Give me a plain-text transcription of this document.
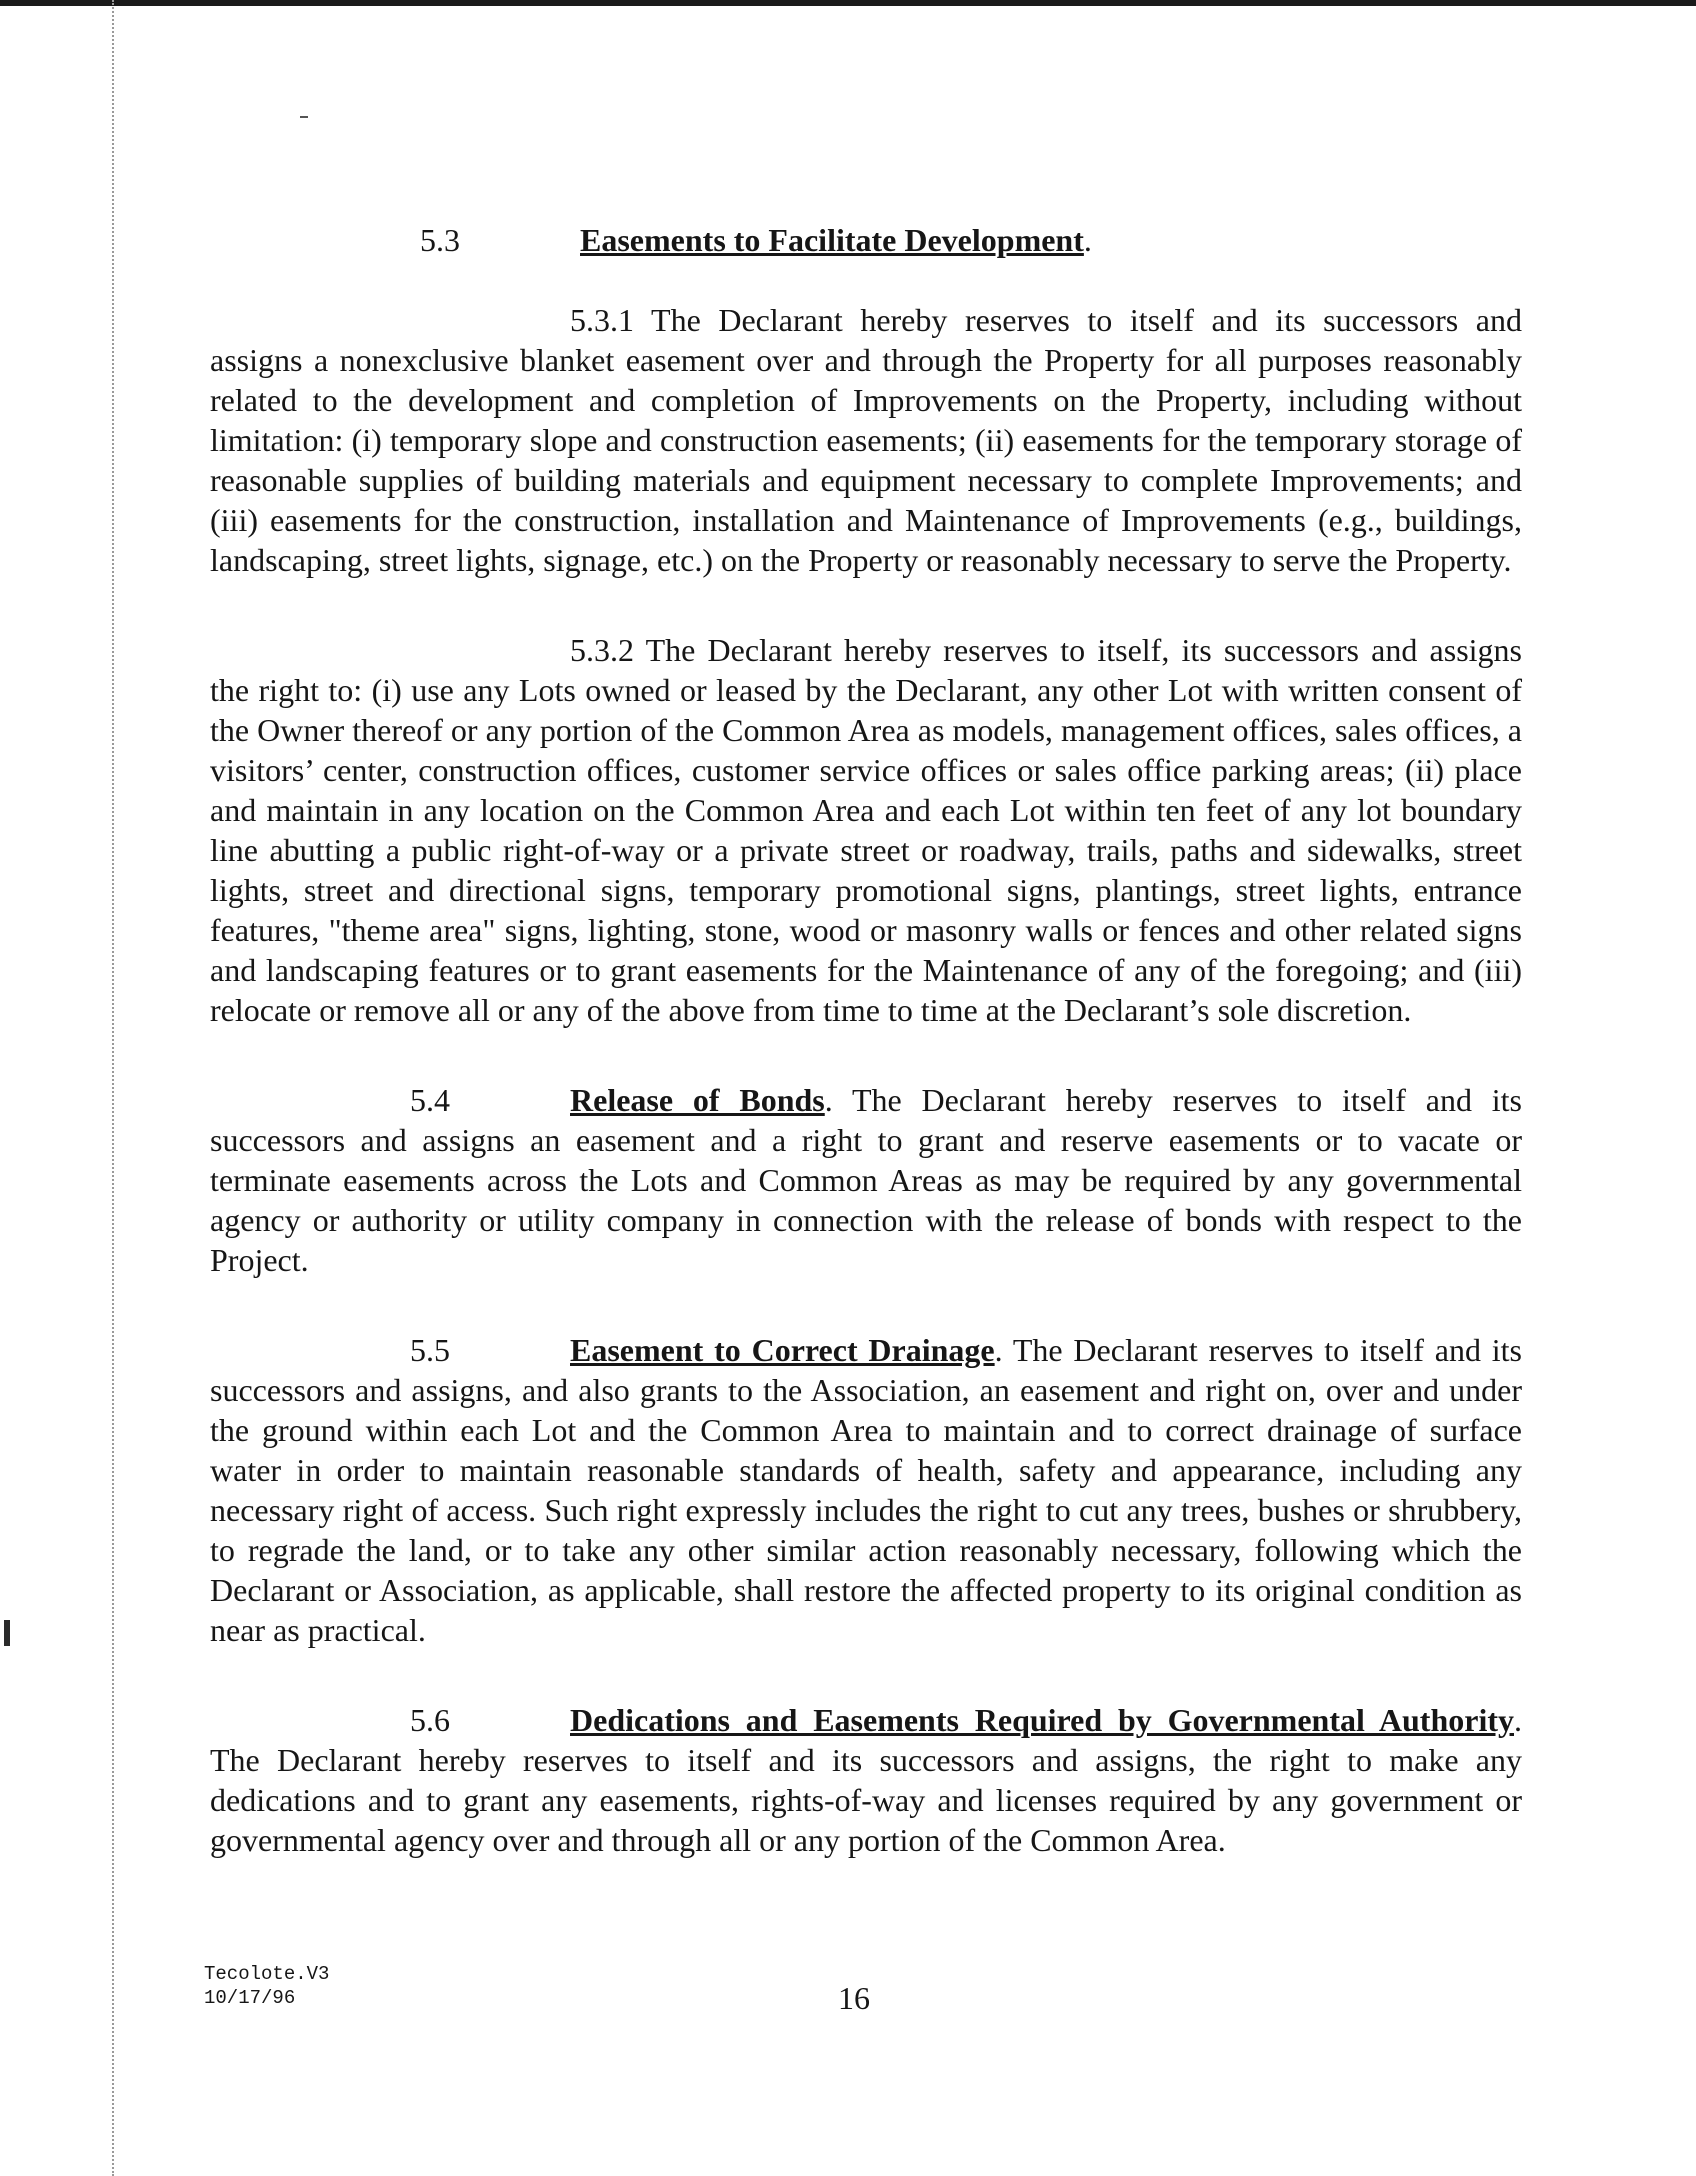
5.3	Easements to Facilitate Development.

5.3.1 The Declarant hereby reserves to itself and its successors and assigns a nonexclusive blanket easement over and through the Property for all purposes reasonably related to the development and completion of Improvements on the Property, including without limitation: (i) temporary slope and construction easements; (ii) easements for the temporary storage of reasonable supplies of building materials and equipment necessary to complete Improvements; and (iii) easements for the construction, installation and Maintenance of Improvements (e.g., buildings, landscaping, street lights, signage, etc.) on the Property or reasonably necessary to serve the Property.

5.3.2 The Declarant hereby reserves to itself, its successors and assigns the right to: (i) use any Lots owned or leased by the Declarant, any other Lot with written consent of the Owner thereof or any portion of the Common Area as models, management offices, sales offices, a visitors’ center, construction offices, customer service offices or sales office parking areas; (ii) place and maintain in any location on the Common Area and each Lot within ten feet of any lot boundary line abutting a public right-of-way or a private street or roadway, trails, paths and sidewalks, street lights, street and directional signs, temporary promotional signs, plantings, street lights, entrance features, "theme area" signs, lighting, stone, wood or masonry walls or fences and other related signs and landscaping features or to grant easements for the Maintenance of any of the foregoing; and (iii) relocate or remove all or any of the above from time to time at the Declarant’s sole discretion.

5.4	Release of Bonds. The Declarant hereby reserves to itself and its successors and assigns an easement and a right to grant and reserve easements or to vacate or terminate easements across the Lots and Common Areas as may be required by any governmental agency or authority or utility company in connection with the release of bonds with respect to the Project.

5.5	Easement to Correct Drainage. The Declarant reserves to itself and its successors and assigns, and also grants to the Association, an easement and right on, over and under the ground within each Lot and the Common Area to maintain and to correct drainage of surface water in order to maintain reasonable standards of health, safety and appearance, including any necessary right of access. Such right expressly includes the right to cut any trees, bushes or shrubbery, to regrade the land, or to take any other similar action reasonably necessary, following which the Declarant or Association, as applicable, shall restore the affected property to its original condition as near as practical.

5.6	Dedications and Easements Required by Governmental Authority. The Declarant hereby reserves to itself and its successors and assigns, the right to make any dedications and to grant any easements, rights-of-way and licenses required by any government or governmental agency over and through all or any portion of the Common Area.

Tecolote.V3
10/17/96	16
